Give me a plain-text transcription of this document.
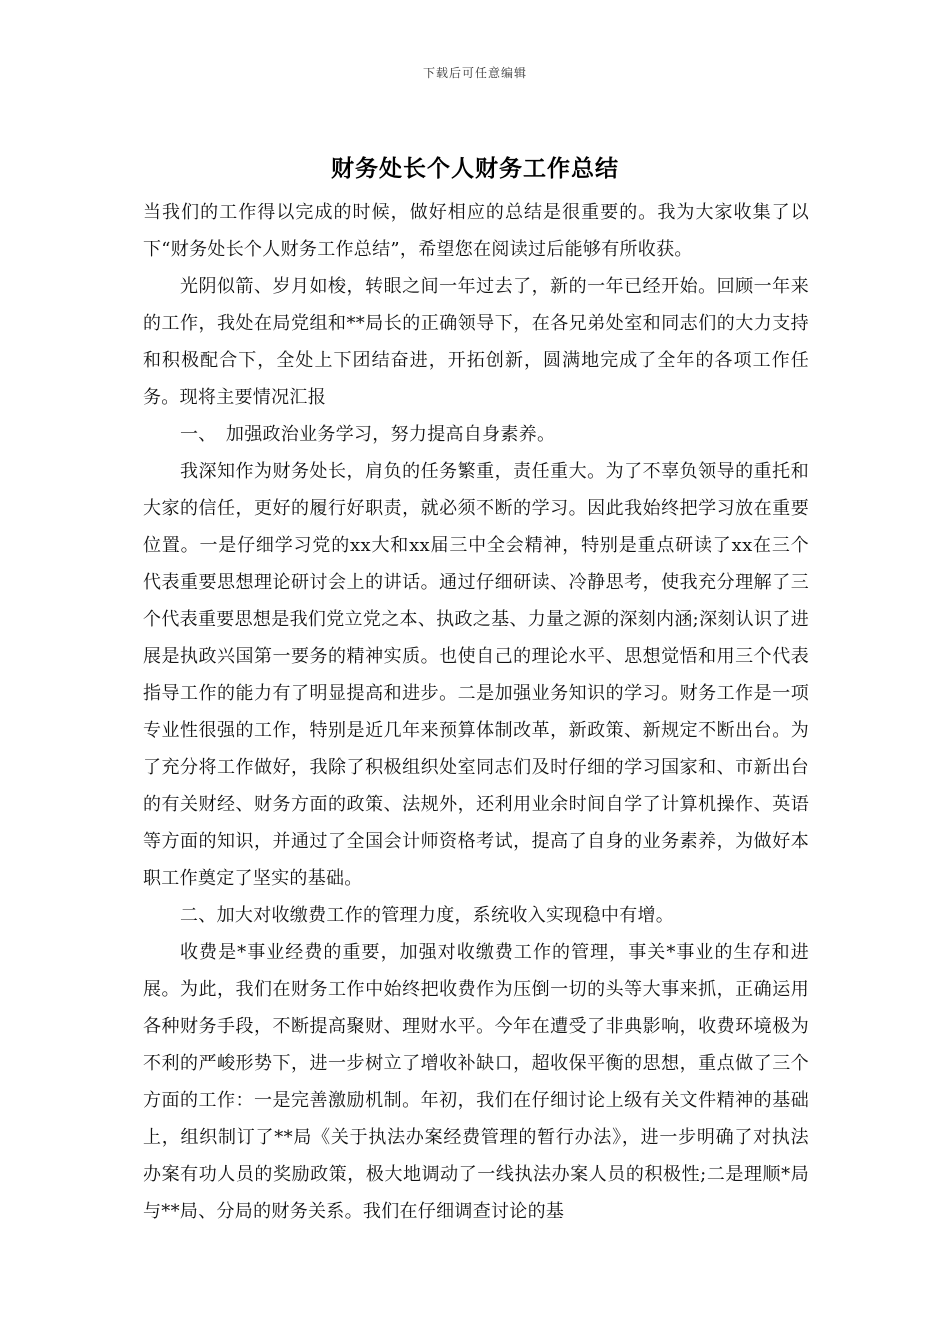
下载后可任意编辑
财务处长个人财务工作总结

当我们的工作得以完成的时候，做好相应的总结是很重要的。我为大家收集了以下“财务处长个人财务工作总结”，希望您在阅读过后能够有所收获。

光阴似箭、岁月如梭，转眼之间一年过去了，新的一年已经开始。回顾一年来的工作，我处在局党组和**局长的正确领导下，在各兄弟处室和同志们的大力支持和积极配合下，全处上下团结奋进，开拓创新，圆满地完成了全年的各项工作任务。现将主要情况汇报

一、　加强政治业务学习，努力提高自身素养。

我深知作为财务处长，肩负的任务繁重，责任重大。为了不辜负领导的重托和大家的信任，更好的履行好职责，就必须不断的学习。因此我始终把学习放在重要位置。一是仔细学习党的xx大和xx届三中全会精神，特别是重点研读了xx在三个代表重要思想理论研讨会上的讲话。通过仔细研读、冷静思考，使我充分理解了三个代表重要思想是我们党立党之本、执政之基、力量之源的深刻内涵;深刻认识了进展是执政兴国第一要务的精神实质。也使自己的理论水平、思想觉悟和用三个代表指导工作的能力有了明显提高和进步。二是加强业务知识的学习。财务工作是一项专业性很强的工作，特别是近几年来预算体制改革，新政策、新规定不断出台。为了充分将工作做好，我除了积极组织处室同志们及时仔细的学习国家和、市新出台的有关财经、财务方面的政策、法规外，还利用业余时间自学了计算机操作、英语等方面的知识，并通过了全国会计师资格考试，提高了自身的业务素养，为做好本职工作奠定了坚实的基础。

二、加大对收缴费工作的管理力度，系统收入实现稳中有增。

收费是*事业经费的重要，加强对收缴费工作的管理，事关*事业的生存和进展。为此，我们在财务工作中始终把收费作为压倒一切的头等大事来抓，正确运用各种财务手段，不断提高聚财、理财水平。今年在遭受了非典影响，收费环境极为不利的严峻形势下，进一步树立了增收补缺口，超收保平衡的思想，重点做了三个方面的工作：一是完善激励机制。年初，我们在仔细讨论上级有关文件精神的基础上，组织制订了**局《关于执法办案经费管理的暂行办法》，进一步明确了对执法办案有功人员的奖励政策，极大地调动了一线执法办案人员的积极性;二是理顺*局与**局、分局的财务关系。我们在仔细调查讨论的基
